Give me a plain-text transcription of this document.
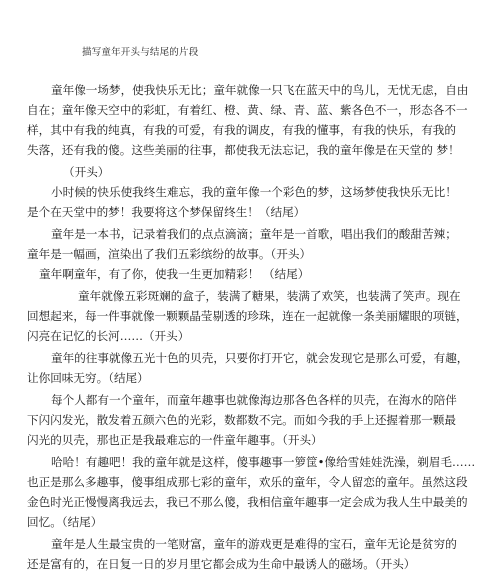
描写童年开头与结尾的片段
童年像一场梦，使我快乐无比；童年就像一只飞在蓝天中的鸟儿，无忧无虑，自由
自在；童年像天空中的彩虹，有着红、橙、黄、绿、青、蓝、紫各色不一，形态各不一
样，其中有我的纯真，有我的可爱，有我的调皮，有我的懂事，有我的快乐，有我的
失落，还有我的傻。这些美丽的往事，都使我无法忘记，我的童年像是在天堂的 梦！
（开头）
小时候的快乐使我终生难忘，我的童年像一个彩色的梦，这场梦使我快乐无比！
是个在天堂中的梦！我要将这个梦保留终生！（结尾）
童年是一本书，记录着我们的点点滴滴；童年是一首歌，唱出我们的酸甜苦辣；
童年是一幅画，渲染出了我们五彩缤纷的故事。（开头）
童年啊童年，有了你，使我一生更加精彩！ （结尾）
童年就像五彩斑斓的盒子，装满了糖果，装满了欢笑，也装满了笑声。现在
回想起来，每一件事就像一颗颗晶莹剔透的珍珠，连在一起就像一条美丽耀眼的项链，
闪亮在记忆的长河……（开头）
童年的往事就像五光十色的贝壳，只要你打开它，就会发现它是那么可爱，有趣，
让你回味无穷。（结尾）
每个人都有一个童年，而童年趣事也就像海边那各色各样的贝壳，在海水的陪伴
下闪闪发光，散发着五颜六色的光彩，数都数不完。而如今我的手上还握着那一颗最
闪光的贝壳，那也正是我最难忘的一件童年趣事。（开头）
哈哈！有趣吧！我的童年就是这样，傻事趣事一箩筐•像给雪娃娃洗澡，剃眉毛……
也正是那么多趣事，傻事组成那七彩的童年，欢乐的童年，令人留恋的童年。虽然这段
金色时光正慢慢离我远去，我已不那么傻，我相信童年趣事一定会成为我人生中最美的
回忆。（结尾）
童年是人生最宝贵的一笔财富，童年的游戏更是难得的宝石，童年无论是贫穷的
还是富有的，在日复一日的岁月里它都会成为生命中最诱人的磁场。（开头）
